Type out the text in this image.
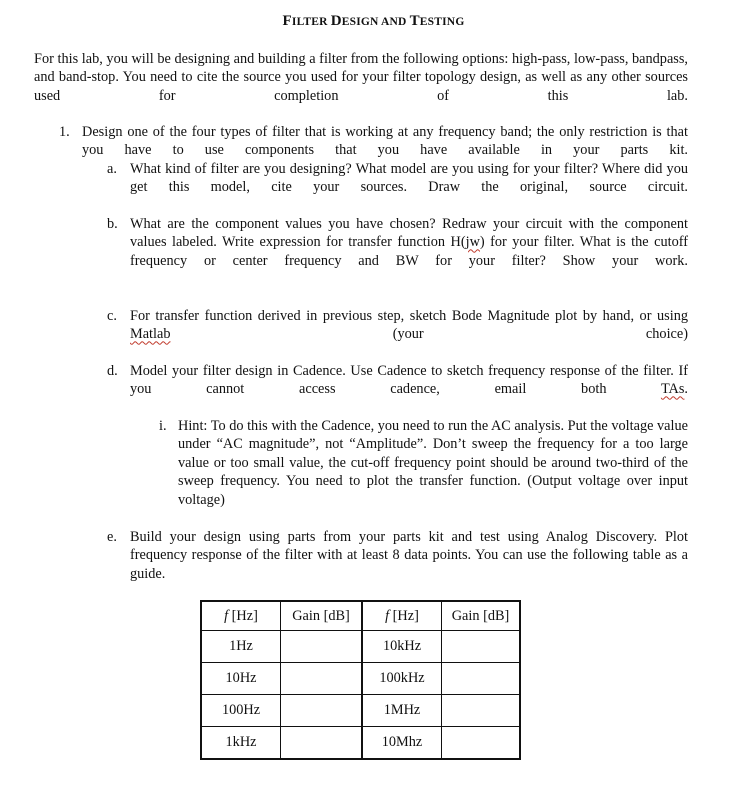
FILTER DESIGN AND TESTING
For this lab, you will be designing and building a filter from the following options: high-pass, low-pass, bandpass, and band-stop. You need to cite the source you used for your filter topology design, as well as any other sources used for completion of this lab.
1. Design one of the four types of filter that is working at any frequency band; the only restriction is that you have to use components that you have available in your parts kit.
a. What kind of filter are you designing? What model are you using for your filter? Where did you get this model, cite your sources. Draw the original, source circuit.
b. What are the component values you have chosen? Redraw your circuit with the component values labeled. Write expression for transfer function H(jw) for your filter. What is the cutoff frequency or center frequency and BW for your filter? Show your work.
c. For transfer function derived in previous step, sketch Bode Magnitude plot by hand, or using Matlab (your choice)
d. Model your filter design in Cadence. Use Cadence to sketch frequency response of the filter. If you cannot access cadence, email both TAs.
i. Hint: To do this with the Cadence, you need to run the AC analysis. Put the voltage value under “AC magnitude”, not “Amplitude”. Don’t sweep the frequency for a too large value or too small value, the cut-off frequency point should be around two-third of the sweep frequency. You need to plot the transfer function. (Output voltage over input voltage)
e. Build your design using parts from your parts kit and test using Analog Discovery. Plot frequency response of the filter with at least 8 data points. You can use the following table as a guide.
f [Hz]	Gain [dB]	f [Hz]	Gain [dB]
1Hz		10kHz	
10Hz		100kHz	
100Hz		1MHz	
1kHz		10Mhz	
